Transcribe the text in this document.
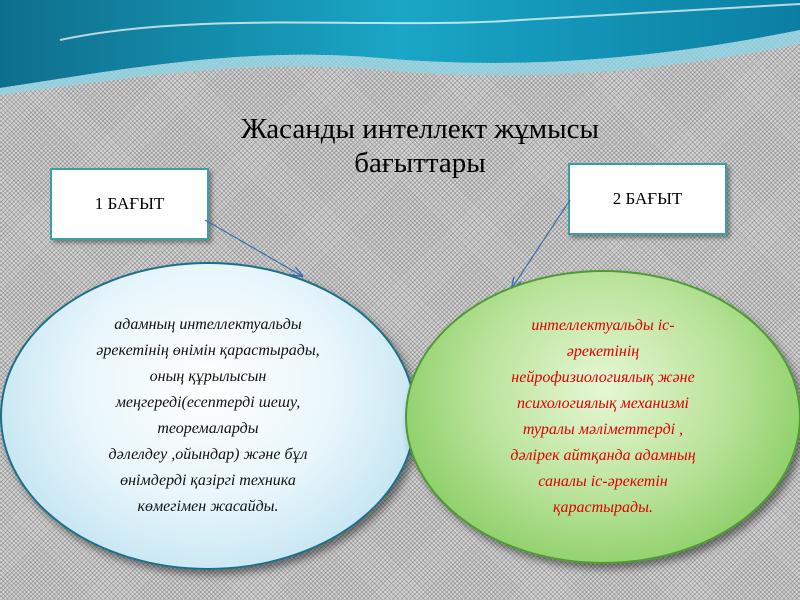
Жасанды интеллект жұмысы
бағыттары
1 БАҒЫТ	2 БАҒЫТ
адамның интеллектуальды
әрекетінің өнімін қарастырады,
оның құрылысын
меңгереді(есептерді шешу,
теоремаларды
дәлелдеу ,ойындар) және бұл
өнімдерді қазіргі техника
көмегімен жасайды.
интеллектуальды іс-
әрекетінің
нейрофизиологиялық және
психологиялық механизмі
туралы мәліметтерді ,
дәлірек айтқанда адамның
саналы іс-әрекетін
қарастырады.
